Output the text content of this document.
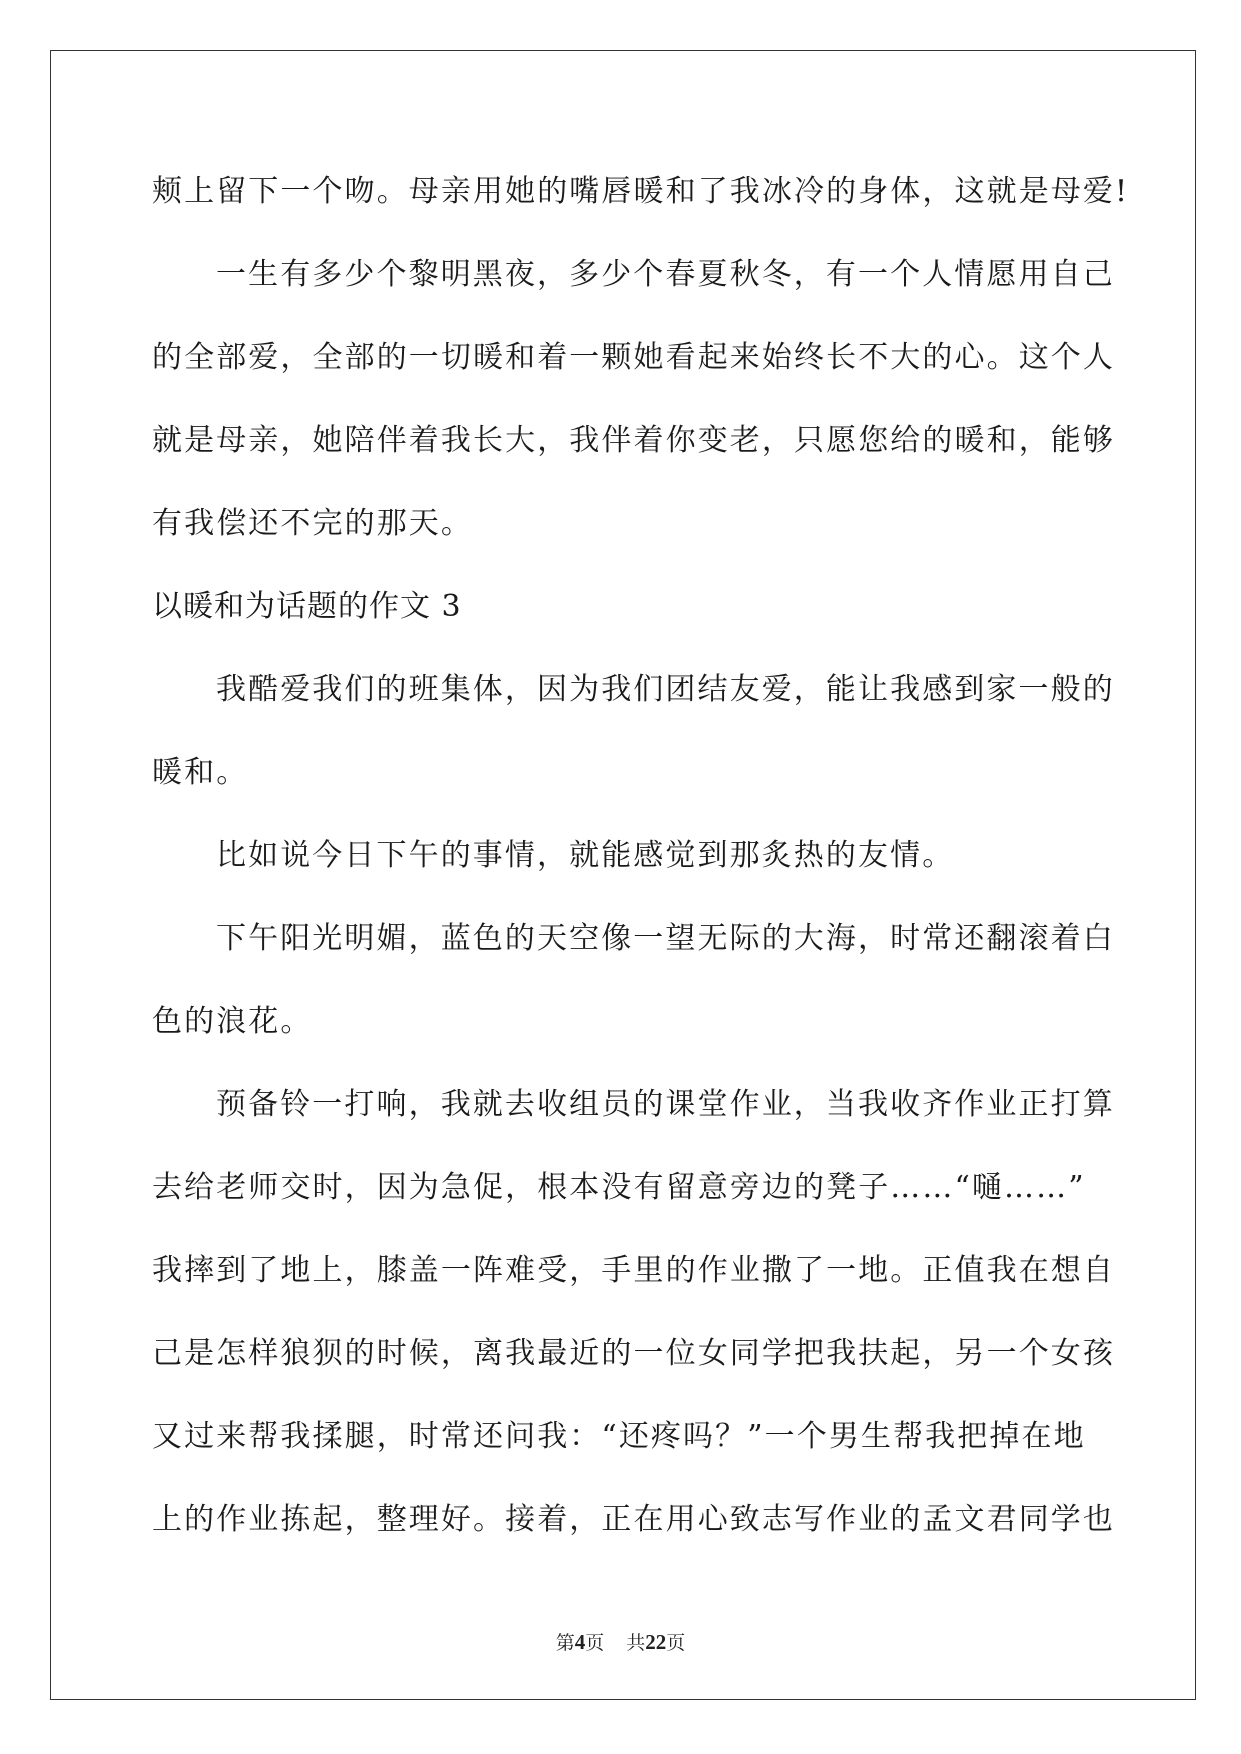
颊上留下一个吻。母亲用她的嘴唇暖和了我冰冷的身体，这就是母爱!
一生有多少个黎明黑夜，多少个春夏秋冬，有一个人情愿用自己
的全部爱，全部的一切暖和着一颗她看起来始终长不大的心。这个人
就是母亲，她陪伴着我长大，我伴着你变老，只愿您给的暖和，能够
有我偿还不完的那天。
以暖和为话题的作文 3
我酷爱我们的班集体，因为我们团结友爱，能让我感到家一般的
暖和。
比如说今日下午的事情，就能感觉到那炙热的友情。
下午阳光明媚，蓝色的天空像一望无际的大海，时常还翻滚着白
色的浪花。
预备铃一打响，我就去收组员的课堂作业，当我收齐作业正打算
去给老师交时，因为急促，根本没有留意旁边的凳子……“嗵……”
我摔到了地上，膝盖一阵难受，手里的作业撒了一地。正值我在想自
己是怎样狼狈的时候，离我最近的一位女同学把我扶起，另一个女孩
又过来帮我揉腿，时常还问我：“还疼吗？”一个男生帮我把掉在地
上的作业拣起，整理好。接着，正在用心致志写作业的孟文君同学也
第4页 共22页
